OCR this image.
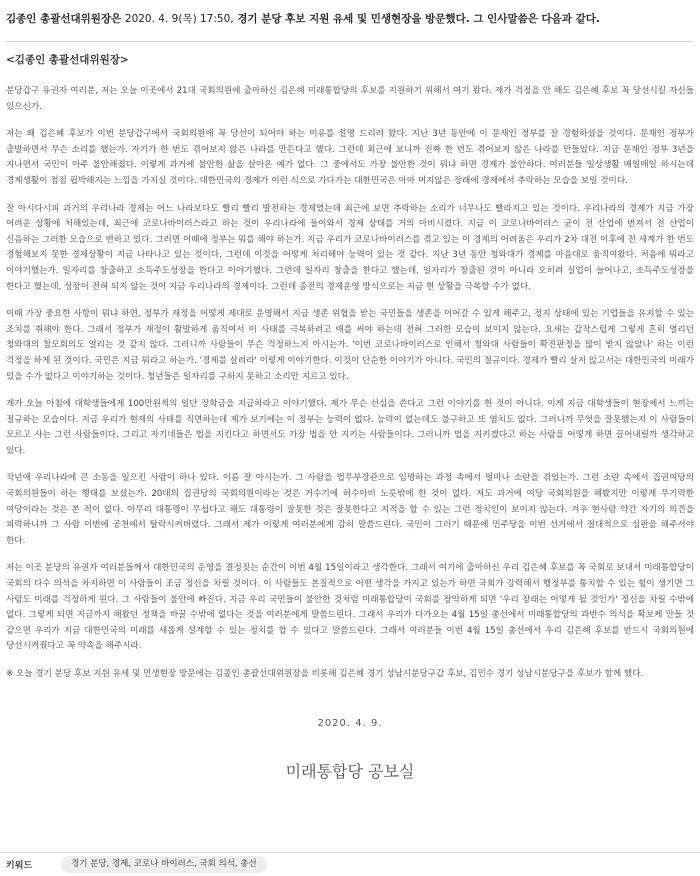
김종인 총괄선대위원장은 2020. 4. 9(목) 17:50, 경기 분당 후보 지원 유세 및 민생현장을 방문했다. 그 인사말씀은 다음과 같다.
<김종인 총괄선대위원장>

분당갑구 유권자 여러분, 저는 오늘 이곳에서 21대 국회의원에 출마하신 김은혜 미래통합당의 후보를 지원하기 위해서 여기 왔다. 제가 걱정을 안 해도 김은혜 후보 꼭 당선시킬 자신들 있으신가.

저는 왜 김은혜 후보가 이번 분당갑구에서 국회의원에 꼭 당선이 되어야 하는 이유를 설명 드리려 왔다. 지난 3년 동안에 이 문재인 정부를 잘 경험하셨을 것이다. 문재인 정부가 출발하면서 무슨 소리를 했는가. 자기가 한 번도 겪어보지 않은 나라를 만든다고 했다. 그런데 최근에 보니까 진짜 한 번도 겪어보지 않은 나라를 만들었다. 지금 문재인 정부 3년을 지나면서 국민이 아주 불안해졌다. 이렇게 과거에 불안한 삶을 살아온 예가 없다. 그 중에서도 가장 불안한 것이 뭐냐 하면 경제가 불안하다. 여러분들 일상생활 매일매일 하시는데 경제생활이 점점 핍박해지는 느낌을 가지실 것이다. 대한민국의 경제가 이런 식으로 가다가는 대한민국은 아마 머지않은 장래에 경제에서 추락하는 모습을 보일 것이다.

잘 아시다시피 과거의 우리나라 경제는 어느 나라보다도 빨리 빨리 발전하는 경제였는데 최근에 보면 추락하는 소리가 너무나도 빨라지고 있는 것이다. 우리나라의 경제가 지금 가장 어려운 상황에 처해있는데, 최근에 코로나바이러스라고 하는 것이 우리나라에 들어와서 경제 상태를 거의 마비시켰다. 지금 이 코로나바이러스 균이 전 산업에 번져서 전 산업이 신음하는 그러한 모습으로 변하고 있다. 그러면 이때에 정부는 뭐를 해야 하는가. 지금 우리가 코로나바이러스를 겪고 있는 이 경제의 어려움은 우리가 2차 대전 이후에 전 세계가 한 번도 경험해보지 못한 경제상황이 지금 나타나고 있는 것이다. 그런데 이것을 어떻게 처리해야 능력이 있는 것 같다. 지난 3년 동안 청와대가 경제를 마음대로 움직여왔다. 처음에 뭐라고 이야기했는가. 일자리를 창출하고 소득주도성장을 한다고 이야기했다. 그런데 일자리 창출을 한다고 했는데, 일자리가 창출된 것이 아니라 오히려 실업이 늘어나고, 소득주도성장을 한다고 했는데, 성장이 전혀 되지 않는 것이 지금 우리나라의 경제이다. 그런데 종전의 경제운영 방식으로는 지금 현 상황을 극복할 수가 없다.

이때 가장 중요한 사항이 뭐냐 하면, 정부가 재정을 어떻게 제대로 운영해서 지금 생존 위협을 받는 국민들을 생존을 이어갈 수 있게 해주고, 정지 상태에 있는 기업들을 유지할 수 있는 조치를 취해야 한다. 그래서 정부가 재정이 활발하게 움직여서 이 사태를 극복하려고 애를 써야 하는데 전혀 그러한 모습이 보이지 않는다. 요새는 갑작스럽게 그렇게 흔히 열리던 청와대의 참모회의도 열리는 것 같지 않다. 그러니까 사람들이 무슨 걱정하느지 아시는가. '이번 코로나바이러스로 인해서 청와대 사람들이 확진판정을 많이 받지 않았나' 하는 이런 걱정을 하게 된 것이다. 국민은 지금 뭐라고 하는가. '경제를 살려라' 이렇게 이야기한다. 이것이 단순한 이야기가 아니다. 국민의 절규이다. 경제가 빨리 살지 않고서는 대한민국의 미래가 있을 수가 없다고 이야기하는 것이다. 청년들은 일자리를 구하지 못하고 소리만 지르고 있다.

제가 오늘 아침에 대학생들에게 100만원씩의 일단 장학금을 지급하라고 이야기했다. 제가 무슨 선심을 쓴다고 그런 이야기를 한 것이 아니다. 이게 지금 대학생들이 현장에서 느끼는 절규하는 모습이다. 지금 우리가 현재의 사태를 직면하는데 제가 보기에는 이 정부는 능력이 없다. 능력이 없는데도 불구하고 또 염치도 없다. 그러니까 무엇을 잘못했는지 이 사람들이 모르고 사는 그런 사람들이다. 그리고 자기네들은 법을 지킨다고 하면서도 가장 법을 안 지키는 사람들이다. 그러니까 법을 지키겠다고 하는 사람을 어떻게 하면 끌어내릴까 생각하고 있다.

작년에 우리나라에 큰 소동을 일으킨 사람이 하나 있다. 이름 잘 아시는가. 그 사람을 법무부장관으로 임명하는 과정 속에서 얼마나 소란을 겪었는가. 그런 소란 속에서 집권여당의 국회의원들이 하는 행태를 보셨는가. 20대의 집권당의 국회의원이라는 것은 거수기에 허수아비 노릇밖에 한 것이 없다. 저도 과거에 여당 국회의원을 해봤지만 이렇게 무기력한 여당이라는 것은 본 적이 없다. 아무리 대통령이 무섭다고 해도 대통령이 잘못한 것은 잘못한다고 지적을 할 수 있는 그런 정치인이 보이지 않는다. 겨우 현사람 약간 자기의 의견을 피력하니까 그 사람 이번에 공천에서 탈락시켜버렸다. 그래서 제가 이렇게 여러분에게 감히 말씀드린다. 국민이 그러기 때문에 민주당을 이번 선거에서 절대적으로 심판을 해주셔야 한다.

저는 이곳 분당의 유권자 여러분들께서 대한민국의 운영을 결정짓는 순간이 이번 4월 15일이라고 생각한다. 그래서 여기에 출마하신 우리 김은혜 후보를 꼭 국회로 보내서 미래통합당이 국회의 다수 의석을 차지하면 이 사람들이 조금 정신을 차릴 것이다. 이 사람들도 본질적으로 어떤 생각을 가지고 있는가 하면 국회가 강력해서 행정부를 통치할 수 있는 힘이 생기면 그 사람도 미래를 걱정하게 된다. 그 사람들이 불안에 빠진다. 지금 우리 국민들이 불안한 것처럼 미래통합당이 국회를 장악하게 되면 '우리 장래는 어떻게 될 것인가' 정신을 차릴 수밖에 없다. 그렇게 되면 지금까지 해왔던 정책을 바꿀 수밖에 없다는 것을 여러분에게 말씀드린다. 그래서 우리가 다가오는 4월 15일 총선에서 미래통합당의 과반수 의석을 확보케 만들 것 같으면 우리가 지금 대한민국의 미래를 새롭게 설계할 수 있는 정치를 할 수 있다고 말씀드린다. 그래서 여러분들 이번 4월 15일 총선에서 우리 김은혜 후보를 반드시 국회의원에 당선시켜줬다고 꼭 약속을 해주시라.

※ 오늘 경기 분당 후보 지원 유세 및 민생현장 방문에는 김종인 총괄선대위원장을 비롯해 김은혜 경기 성남시분당구갑 후보, 김민수 경기 성남시분당구을 후보가 함께 했다.

2020. 4. 9.
미래통합당 공보실
키워드	경기 분당, 경제, 코로나 바이러스, 국회 의석, 총선
